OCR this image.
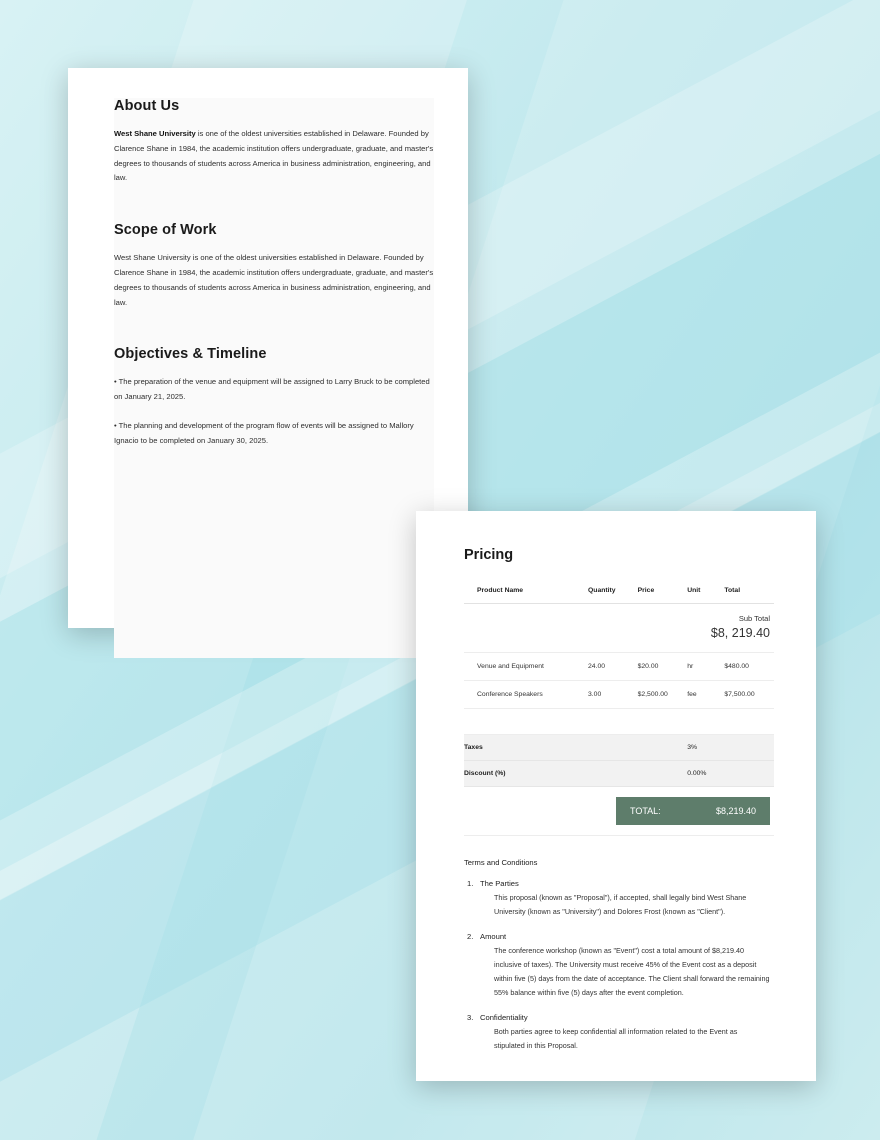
About Us

West Shane University is one of the oldest universities established in Delaware. Founded by Clarence Shane in 1984, the academic institution offers undergraduate, graduate, and master's degrees to thousands of students across America in business administration, engineering, and law.

Scope of Work

West Shane University is one of the oldest universities established in Delaware. Founded by Clarence Shane in 1984, the academic institution offers undergraduate, graduate, and master's degrees to thousands of students across America in business administration, engineering, and law.

Objectives & Timeline

• The preparation of the venue and equipment will be assigned to Larry Bruck to be completed on January 21, 2025.

• The planning and development of the program flow of events will be assigned to Mallory Ignacio to be completed on January 30, 2025.

Pricing
Sub Total
$8, 219.40				

Product Name	Quantity	Price	Unit	Total
Venue and Equipment	24.00	$20.00	hr	$480.00
Conference Speakers	3.00	$2,500.00	fee	$7,500.00

Taxes			3%	
Discount (%)			0.00%	

TOTAL: $8,219.40				
Terms and Conditions
1. The Parties

This proposal (known as "Proposal"), if accepted, shall legally bind West Shane University (known as "University") and Dolores Frost (known as "Client").

2. Amount

The conference workshop (known as "Event") cost a total amount of $8,219.40 inclusive of taxes). The University must receive 45% of the Event cost as a deposit within five (5) days from the date of acceptance. The Client shall forward the remaining 55% balance within five (5) days after the event completion.

3. Confidentiality

Both parties agree to keep confidential all information related to the Event as stipulated in this Proposal.
